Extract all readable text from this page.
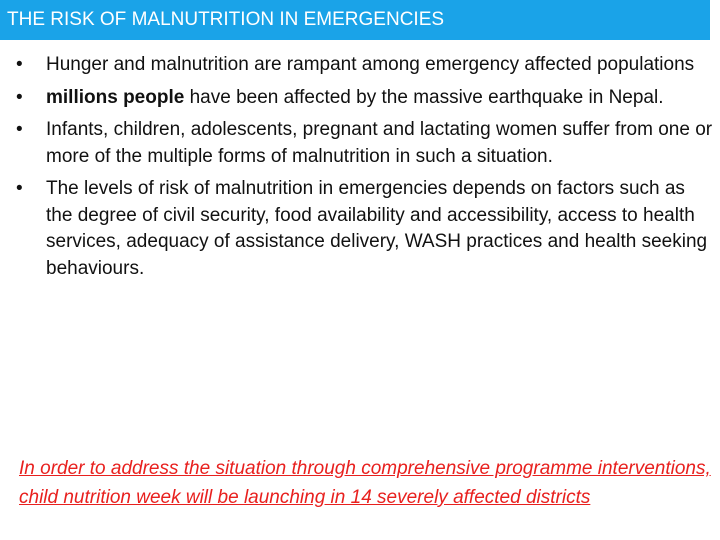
THE RISK OF MALNUTRITION IN EMERGENCIES
• Hunger and malnutrition are rampant among emergency affected populations
• millions people have been affected by the massive earthquake in Nepal.
• Infants, children, adolescents, pregnant and lactating women suffer from one or more of the multiple forms of malnutrition in such a situation.
• The levels of risk of malnutrition in emergencies depends on factors such as the degree of civil security, food availability and accessibility, access to health services, adequacy of assistance delivery, WASH practices and health seeking behaviours.

In order to address the situation through comprehensive programme interventions, child nutrition week will be launching in 14 severely affected districts
